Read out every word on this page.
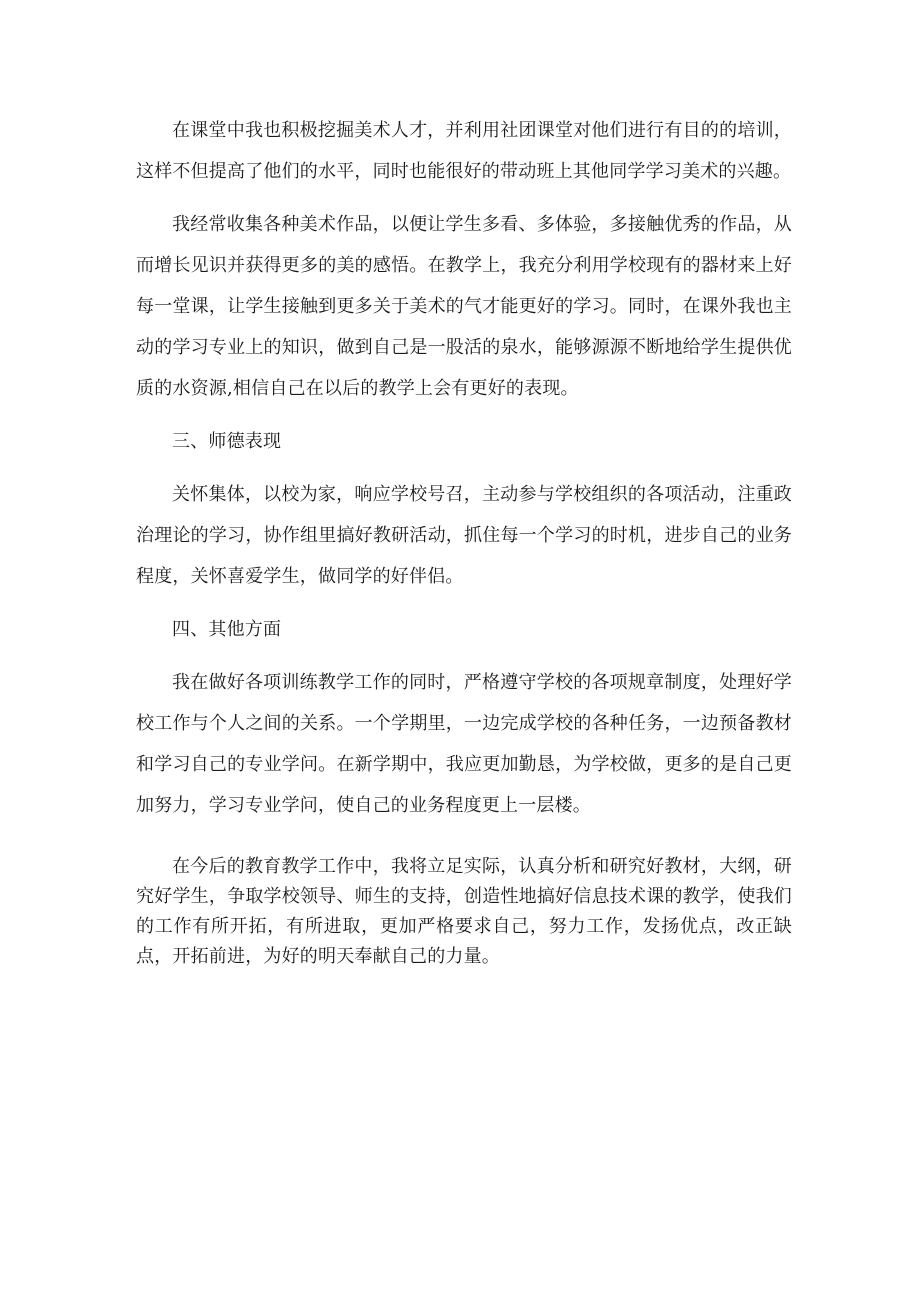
在课堂中我也积极挖掘美术人才，并利用社团课堂对他们进行有目的的培训，这样不但提高了他们的水平，同时也能很好的带动班上其他同学学习美术的兴趣。

我经常收集各种美术作品，以便让学生多看、多体验，多接触优秀的作品，从而增长见识并获得更多的美的感悟。在教学上，我充分利用学校现有的器材来上好每一堂课，让学生接触到更多关于美术的气才能更好的学习。同时，在课外我也主动的学习专业上的知识，做到自己是一股活的泉水，能够源源不断地给学生提供优质的水资源,相信自己在以后的教学上会有更好的表现。

三、师德表现

关怀集体，以校为家，响应学校号召，主动参与学校组织的各项活动，注重政治理论的学习，协作组里搞好教研活动，抓住每一个学习的时机，进步自己的业务程度，关怀喜爱学生，做同学的好伴侣。

四、其他方面

我在做好各项训练教学工作的同时，严格遵守学校的各项规章制度，处理好学校工作与个人之间的关系。一个学期里，一边完成学校的各种任务，一边预备教材和学习自己的专业学问。在新学期中，我应更加勤恳，为学校做，更多的是自己更加努力，学习专业学问，使自己的业务程度更上一层楼。

在今后的教育教学工作中，我将立足实际，认真分析和研究好教材，大纲，研究好学生，争取学校领导、师生的支持，创造性地搞好信息技术课的教学，使我们的工作有所开拓，有所进取，更加严格要求自己，努力工作，发扬优点，改正缺点，开拓前进，为好的明天奉献自己的力量。
